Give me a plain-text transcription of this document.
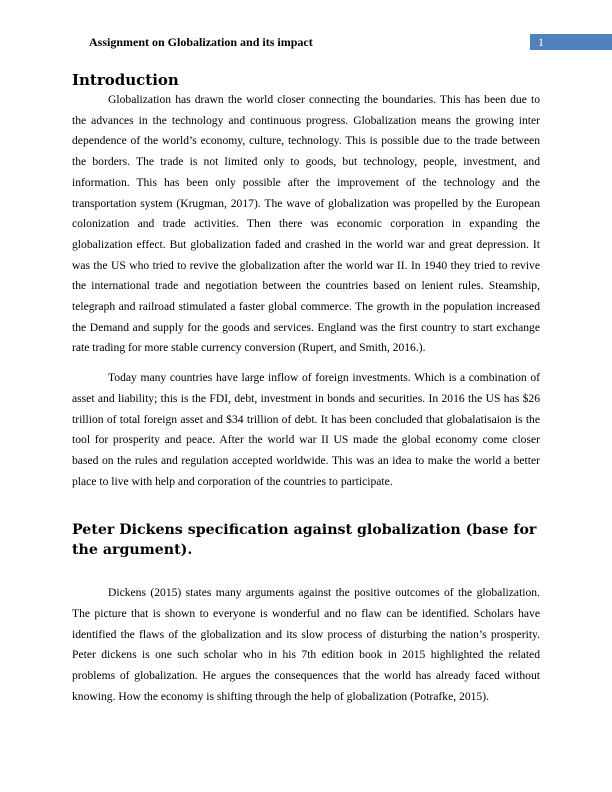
Assignment on Globalization and its impact	1
Introduction

Globalization has drawn the world closer connecting the boundaries. This has been due to the advances in the technology and continuous progress. Globalization means the growing inter dependence of the world’s economy, culture, technology. This is possible due to the trade between the borders. The trade is not limited only to goods, but technology, people, investment, and information. This has been only possible after the improvement of the technology and the transportation system (Krugman, 2017). The wave of globalization was propelled by the European colonization and trade activities. Then there was economic corporation in expanding the globalization effect. But globalization faded and crashed in the world war and great depression. It was the US who tried to revive the globalization after the world war II. In 1940 they tried to revive the international trade and negotiation between the countries based on lenient rules. Steamship, telegraph and railroad stimulated a faster global commerce. The growth in the population increased the Demand and supply for the goods and services. England was the first country to start exchange rate trading for more stable currency conversion (Rupert, and Smith, 2016.).

Today many countries have large inflow of foreign investments. Which is a combination of asset and liability; this is the FDI, debt, investment in bonds and securities. In 2016 the US has $26 trillion of total foreign asset and $34 trillion of debt. It has been concluded that globalatisaion is the tool for prosperity and peace. After the world war II US made the global economy come closer based on the rules and regulation accepted worldwide. This was an idea to make the world a better place to live with help and corporation of the countries to participate.

Peter Dickens specification against globalization (base for the argument).

Dickens (2015) states many arguments against the positive outcomes of the globalization. The picture that is shown to everyone is wonderful and no flaw can be identified. Scholars have identified the flaws of the globalization and its slow process of disturbing the nation’s prosperity. Peter dickens is one such scholar who in his 7th edition book in 2015 highlighted the related problems of globalization. He argues the consequences that the world has already faced without knowing. How the economy is shifting through the help of globalization (Potrafke, 2015).
